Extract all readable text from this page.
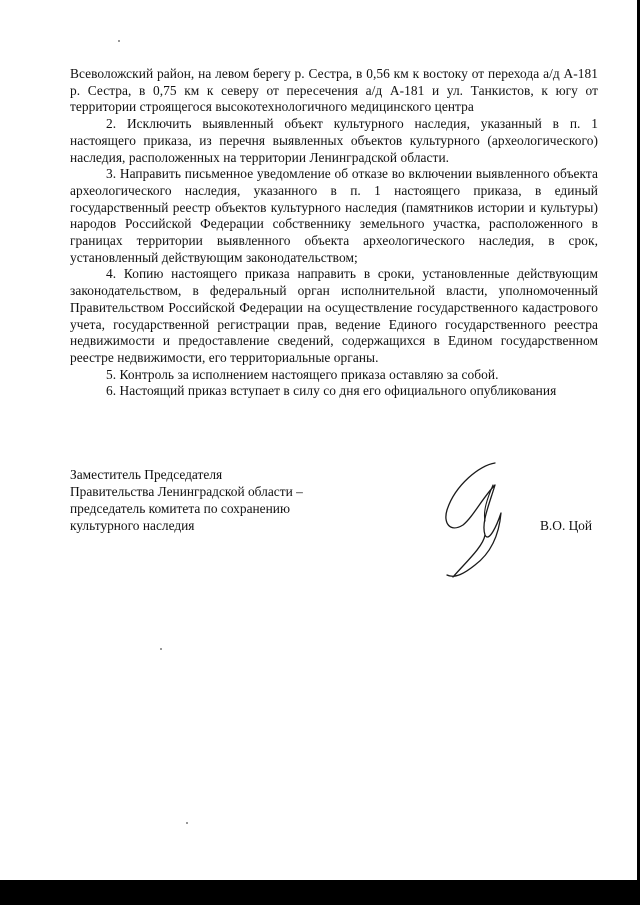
Всеволожский район, на левом берегу р. Сестра, в 0,56 км к востоку от перехода а/д А-181 р. Сестра, в 0,75 км к северу от пересечения а/д А-181 и ул. Танкистов, к югу от территории строящегося высокотехнологичного медицинского центра

2. Исключить выявленный объект культурного наследия, указанный в п. 1 настоящего приказа, из перечня выявленных объектов культурного (археологического) наследия, расположенных на территории Ленинградской области.

3. Направить письменное уведомление об отказе во включении выявленного объекта археологического наследия, указанного в п. 1 настоящего приказа, в единый государственный реестр объектов культурного наследия (памятников истории и культуры) народов Российской Федерации собственнику земельного участка, расположенного в границах территории выявленного объекта археологического наследия, в срок, установленный действующим законодательством;

4. Копию настоящего приказа направить в сроки, установленные действующим законодательством, в федеральный орган исполнительной власти, уполномоченный Правительством Российской Федерации на осуществление государственного кадастрового учета, государственной регистрации прав, ведение Единого государственного реестра недвижимости и предоставление сведений, содержащихся в Едином государственном реестре недвижимости, его территориальные органы.

5. Контроль за исполнением настоящего приказа оставляю за собой.

6. Настоящий приказ вступает в силу со дня его официального опубликования

Заместитель Председателя
Правительства Ленинградской области –
председатель комитета по сохранению
культурного наследия	В.О. Цой
